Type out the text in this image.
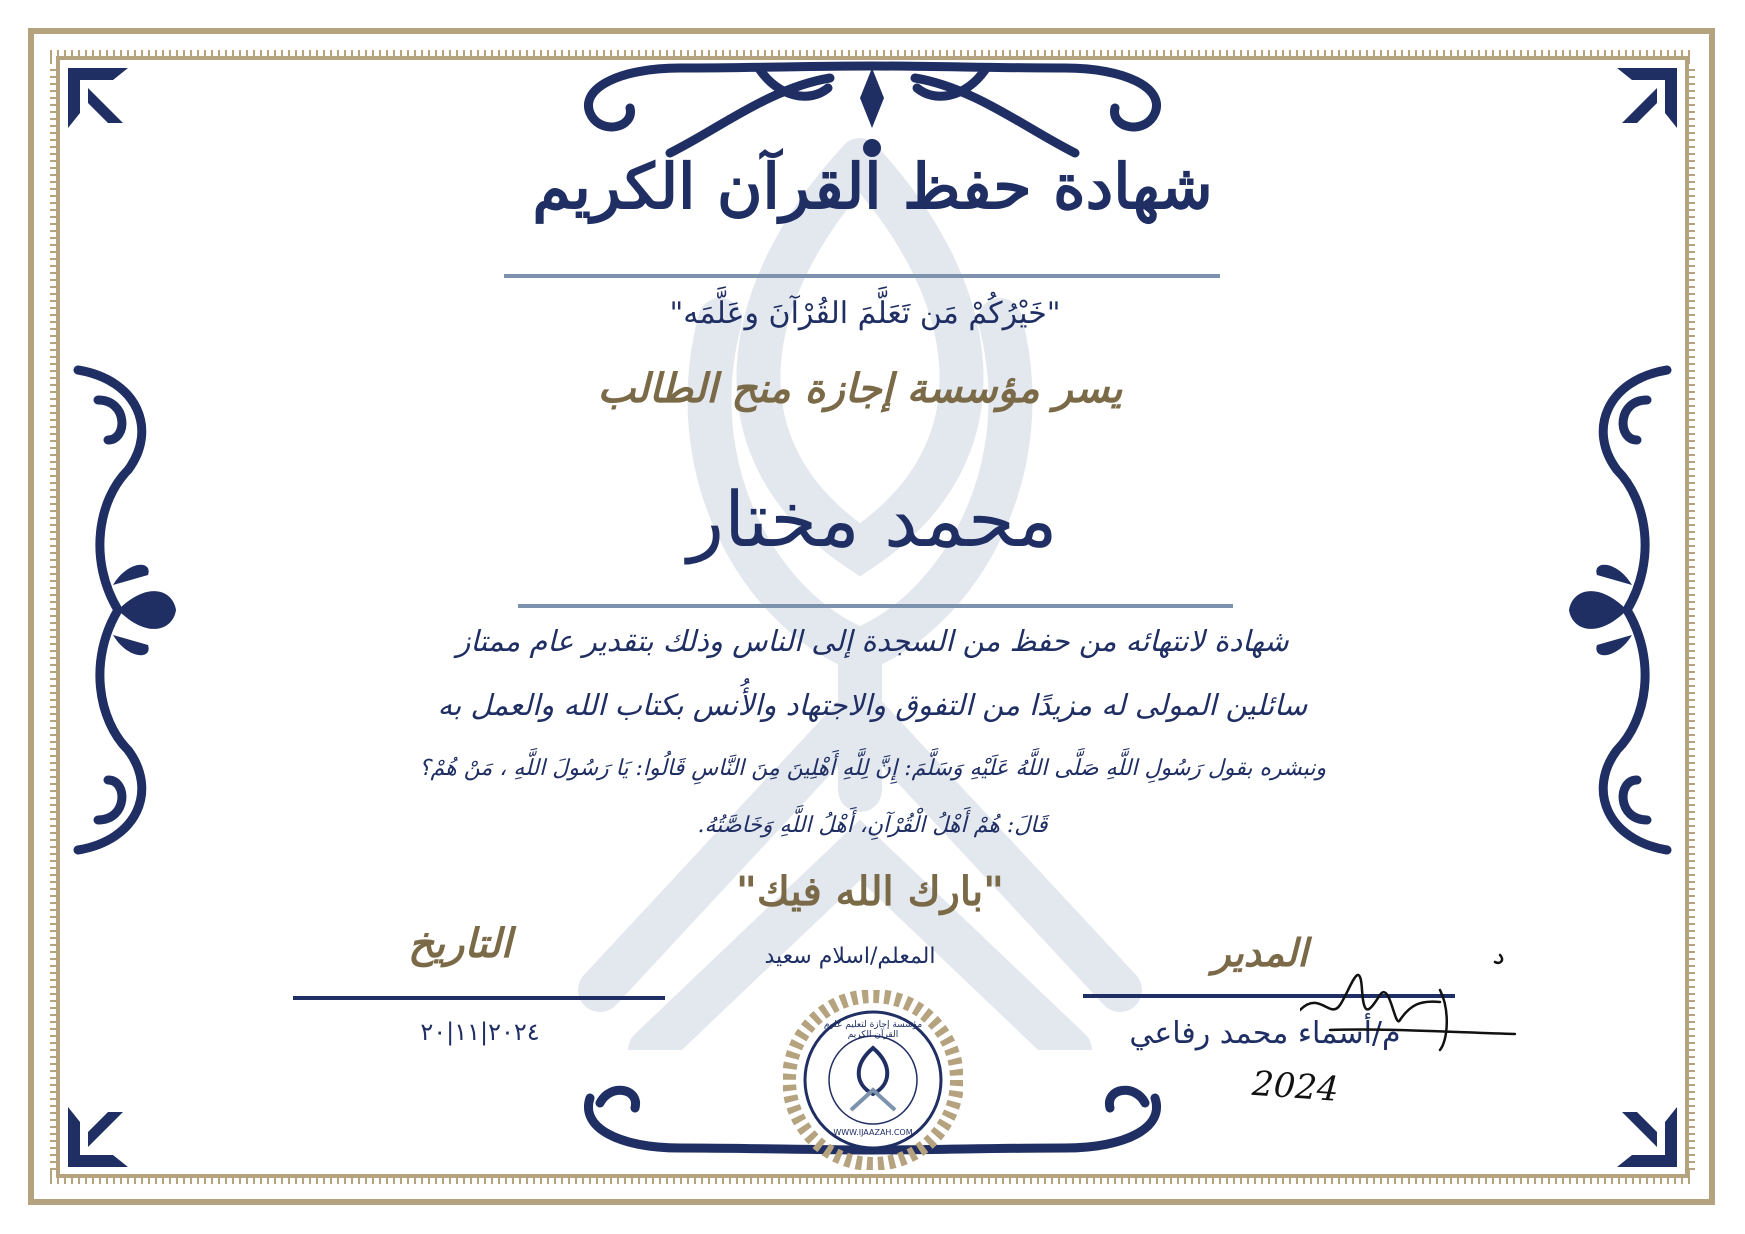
شهادة حفظ القرآن الكريم
"خَيْرُكُمْ مَن تَعَلَّمَ القُرْآنَ وعَلَّمَه"
يسر مؤسسة إجازة منح الطالب
محمد مختار
شهادة لانتهائه من حفظ من السجدة إلى الناس وذلك بتقدير عام ممتاز
سائلين المولى له مزيدًا من التفوق والاجتهاد والأُنس بكتاب الله والعمل به
ونبشره بقول رَسُولِ اللَّهِ صَلَّى اللَّهُ عَلَيْهِ وَسَلَّمَ: إِنَّ لِلَّهِ أَهْلِينَ مِنَ النَّاسِ قَالُوا: يَا رَسُولَ اللَّهِ ، مَنْ هُمْ؟
قَالَ: هُمْ أَهْلُ الْقُرْآنِ، أَهْلُ اللَّهِ وَخَاصَّتُهُ.
"بارك الله فيك"
التاريخ
٢٠٢٤|١١|٢٠
المعلم/اسلام سعيد	المدير
م/أسماء محمد رفاعي
2024
مؤسسة إجازة لتعليم علوم القرآن الكريم
WWW.IJAAZAH.COM
